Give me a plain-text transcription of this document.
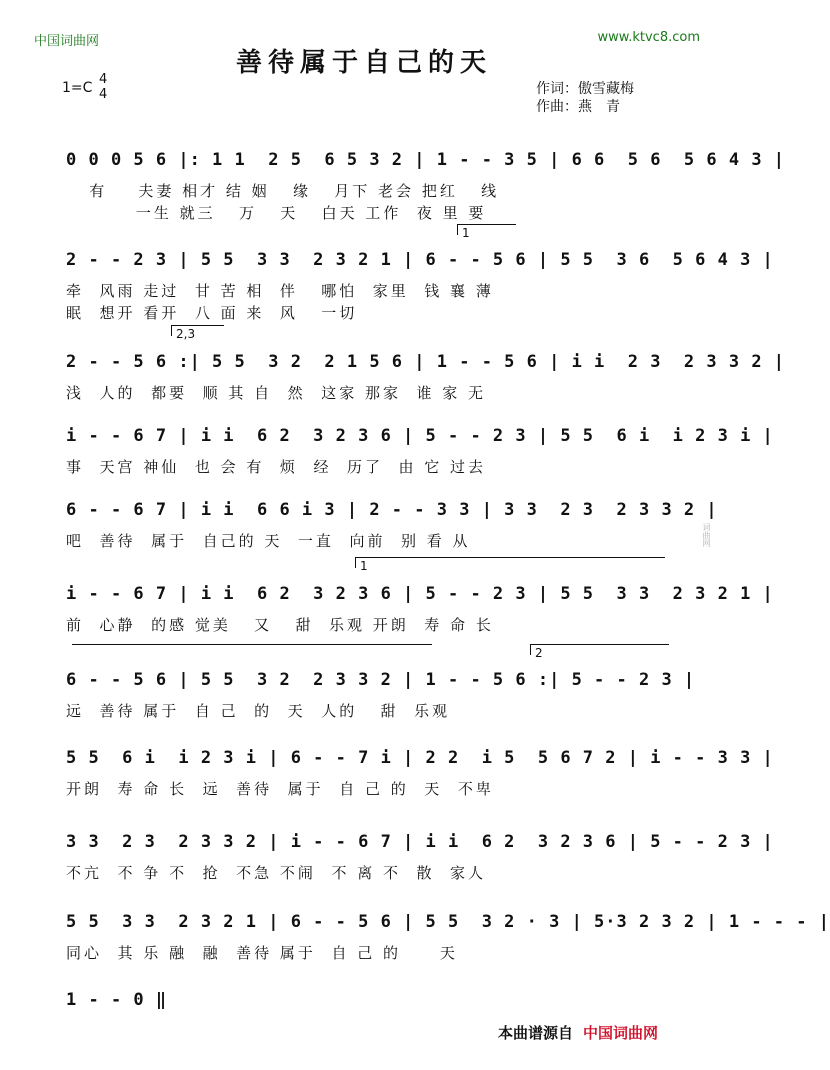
词曲网
中国词曲网	www.ktvc8.com
善待属于自己的天
1=C
4
4	作词：傲雪藏梅
作曲：燕　青
0 0 0 5 6 |: 1 1  2 5  6 5 3 2 | 1 - - 3 5 | 6 6  5 6  5 6 4 3 |
有    夫妻 相才 结 姻   缘   月下 老会 把红   线
一生 就三   万   天   白天 工作  夜 里 要
1
2 - - 2 3 | 5 5  3 3  2 3 2 1 | 6 - - 5 6 | 5 5  3 6  5 6 4 3 |
牵  风雨 走过  甘 苦 相  伴   哪怕  家里  钱 襄 薄
眠  想开 看开  八 面 来  风   一切
2,3
2 - - 5 6 :| 5 5  3 2  2 1 5 6 | 1 - - 5 6 | i i  2 3  2 3 3 2 |
浅  人的  都要  顺 其 自  然  这家 那家  谁 家 无
i - - 6 7 | i i  6 2  3 2 3 6 | 5 - - 2 3 | 5 5  6 i  i 2 3 i |
事  天宫 神仙  也 会 有  烦  经  历了  由 它 过去
6 - - 6 7 | i i  6 6 i 3 | 2 - - 3 3 | 3 3  2 3  2 3 3 2 |
吧  善待  属于  自己的 天  一直  向前  别 看 从
1
i - - 6 7 | i i  6 2  3 2 3 6 | 5 - - 2 3 | 5 5  3 3  2 3 2 1 |
前  心静  的感 觉美   又   甜  乐观 开朗  寿 命 长
2
6 - - 5 6 | 5 5  3 2  2 3 3 2 | 1 - - 5 6 :| 5 - - 2 3 |
远  善待 属于  自 己  的  天  人的   甜  乐观
5 5  6 i  i 2 3 i | 6 - - 7 i | 2 2  i 5  5 6 7 2 | i - - 3 3 |
开朗  寿 命 长  远  善待  属于  自 己 的  天  不卑
3 3  2 3  2 3 3 2 | i - - 6 7 | i i  6 2  3 2 3 6 | 5 - - 2 3 |
不亢  不 争 不  抢  不急 不闹  不 离 不  散  家人
5 5  3 3  2 3 2 1 | 6 - - 5 6 | 5 5  3 2 · 3 | 5·3 2 3 2 | 1 - - - |
同心  其 乐 融  融  善待 属于  自 己 的     天
1 - - 0 ‖
本曲谱源自 中国词曲网
